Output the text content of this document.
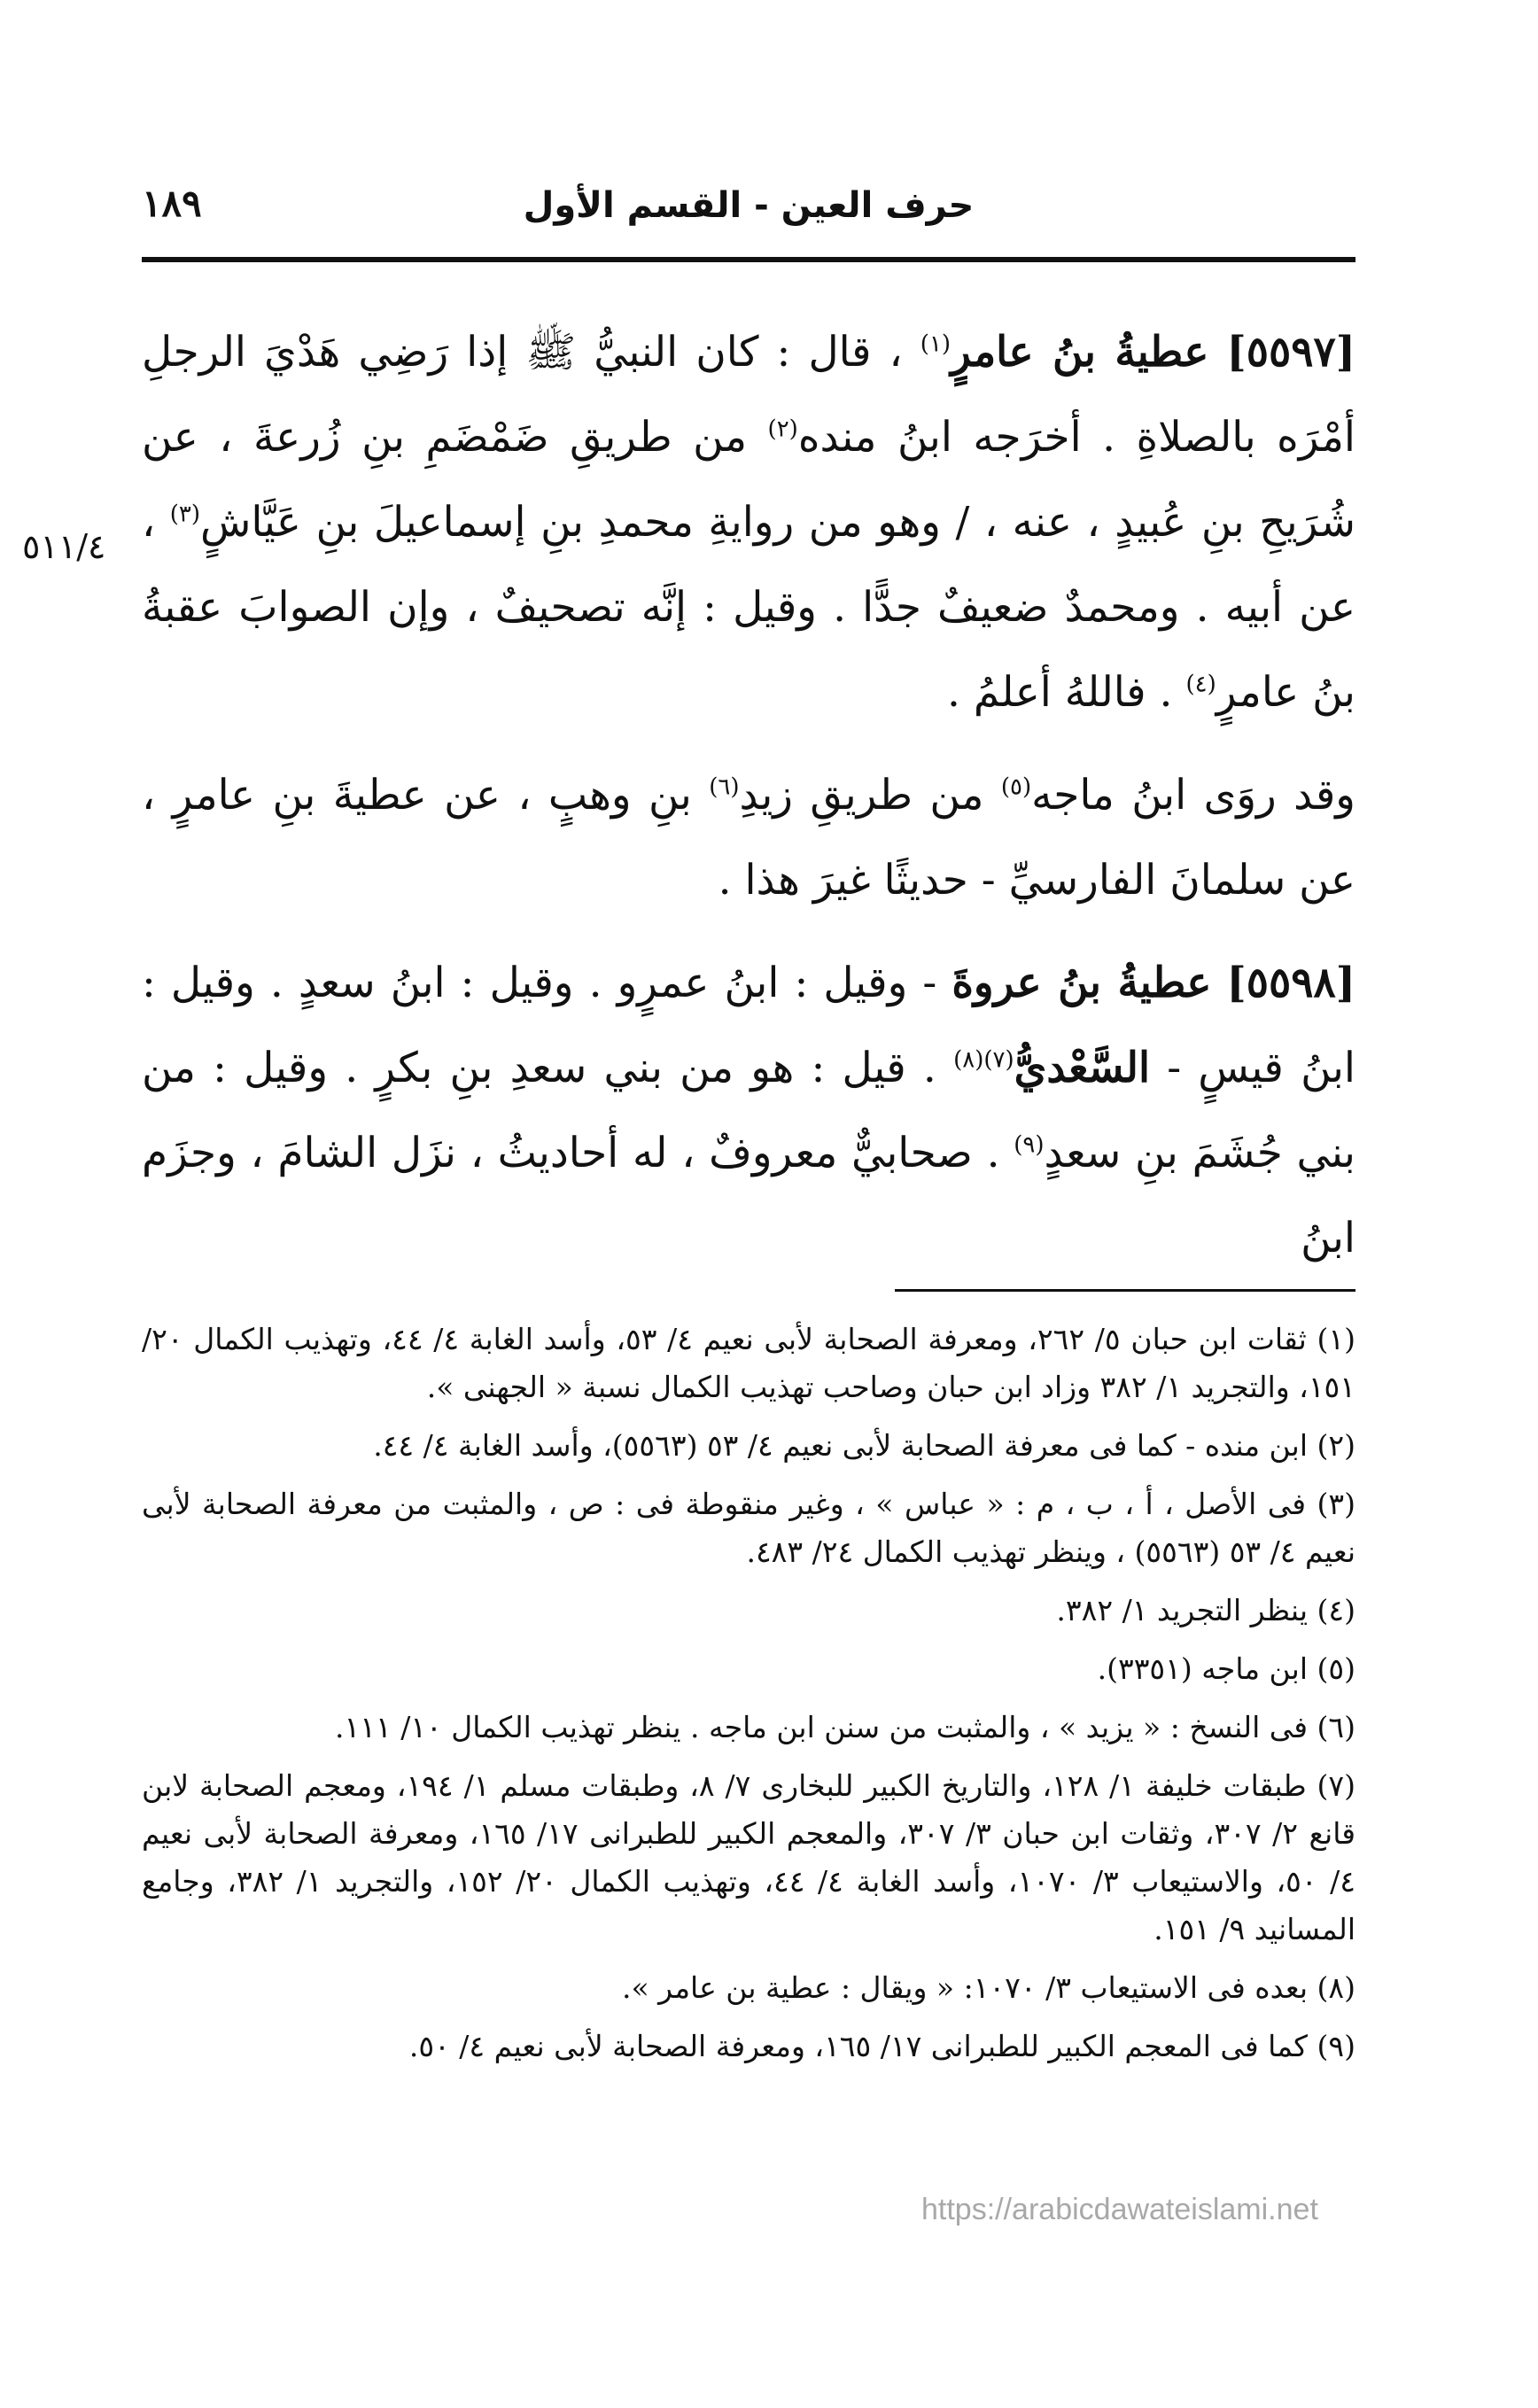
١٨٩	حرف العين - القسم الأول
٥١١/٤

[٥٥٩٧] عطيةُ بنُ عامرٍ$^{(١)}$ ، قال : كان النبيُّ ﷺ إذا رَضِي هَدْيَ الرجلِ أمْرَه بالصلاةِ . أخرَجه ابنُ منده$^{(٢)}$ من طريقِ ضَمْضَمِ بنِ زُرعةَ ، عن شُرَيحِ بنِ عُبيدٍ ، عنه ، / وهو من روايةِ محمدِ بنِ إسماعيلَ بنِ عَيَّاشٍ$^{(٣)}$ ، عن أبيه . ومحمدٌ ضعيفٌ جدًّا . وقيل : إنَّه تصحيفٌ ، وإن الصوابَ عقبةُ بنُ عامرٍ$^{(٤)}$ . فاللهُ أعلمُ .

وقد روَى ابنُ ماجه$^{(٥)}$ من طريقِ زيدِ$^{(٦)}$ بنِ وهبٍ ، عن عطيةَ بنِ عامرٍ ، عن سلمانَ الفارسيِّ - حديثًا غيرَ هذا .

[٥٥٩٨] عطيةُ بنُ عروةَ - وقيل : ابنُ عمرٍو . وقيل : ابنُ سعدٍ . وقيل : ابنُ قيسٍ - السَّعْديُّ$^{(٧)(٨)}$ . قيل : هو من بني سعدِ بنِ بكرٍ . وقيل : من بني جُشَمَ بنِ سعدٍ$^{(٩)}$ . صحابيٌّ معروفٌ ، له أحاديثُ ، نزَل الشامَ ، وجزَم ابنُ

(١) ثقات ابن حبان ٥/ ٢٦٢، ومعرفة الصحابة لأبى نعيم ٤/ ٥٣، وأسد الغابة ٤/ ٤٤، وتهذيب الكمال ٢٠/ ١٥١، والتجريد ١/ ٣٨٢ وزاد ابن حبان وصاحب تهذيب الكمال نسبة « الجهنى ».

(٢) ابن منده - كما فى معرفة الصحابة لأبى نعيم ٤/ ٥٣ (٥٥٦٣)، وأسد الغابة ٤/ ٤٤.

(٣) فى الأصل ، أ ، ب ، م : « عباس » ، وغير منقوطة فى : ص ، والمثبت من معرفة الصحابة لأبى نعيم ٤/ ٥٣ (٥٥٦٣) ، وينظر تهذيب الكمال ٢٤/ ٤٨٣.

(٤) ينظر التجريد ١/ ٣٨٢.

(٥) ابن ماجه (٣٣٥١).

(٦) فى النسخ : « يزيد » ، والمثبت من سنن ابن ماجه . ينظر تهذيب الكمال ١٠/ ١١١.

(٧) طبقات خليفة ١/ ١٢٨، والتاريخ الكبير للبخارى ٧/ ٨، وطبقات مسلم ١/ ١٩٤، ومعجم الصحابة لابن قانع ٢/ ٣٠٧، وثقات ابن حبان ٣/ ٣٠٧، والمعجم الكبير للطبرانى ١٧/ ١٦٥، ومعرفة الصحابة لأبى نعيم ٤/ ٥٠، والاستيعاب ٣/ ١٠٧٠، وأسد الغابة ٤/ ٤٤، وتهذيب الكمال ٢٠/ ١٥٢، والتجريد ١/ ٣٨٢، وجامع المسانيد ٩/ ١٥١.

(٨) بعده فى الاستيعاب ٣/ ١٠٧٠: « ويقال : عطية بن عامر ».

(٩) كما فى المعجم الكبير للطبرانى ١٧/ ١٦٥، ومعرفة الصحابة لأبى نعيم ٤/ ٥٠.

https://arabicdawateislami.net
